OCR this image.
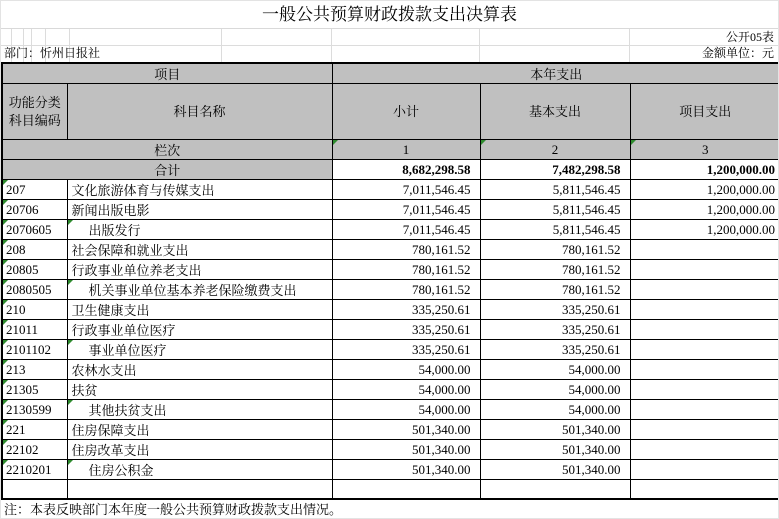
一般公共预算财政拨款支出决算表
公开05表
部门：忻州日报社	金额单位：元
项目		本年支出		
功能分类科目编码	科目名称	小计	基本支出	项目支出
栏次		1	2	3
合计		8,682,298.58	7,482,298.58	1,200,000.00

207	文化旅游体育与传媒支出	7,011,546.45	5,811,546.45	1,200,000.00

20706	新闻出版电影	7,011,546.45	5,811,546.45	1,200,000.00

2070605	出版发行	7,011,546.45	5,811,546.45	1,200,000.00

208	社会保障和就业支出	780,161.52	780,161.52	

20805	行政事业单位养老支出	780,161.52	780,161.52	

2080505	机关事业单位基本养老保险缴费支出	780,161.52	780,161.52	

210	卫生健康支出	335,250.61	335,250.61	

21011	行政事业单位医疗	335,250.61	335,250.61	

2101102	事业单位医疗	335,250.61	335,250.61	

213	农林水支出	54,000.00	54,000.00	

21305	扶贫	54,000.00	54,000.00	

2130599	其他扶贫支出	54,000.00	54,000.00	

221	住房保障支出	501,340.00	501,340.00	

22102	住房改革支出	501,340.00	501,340.00	

2210201	住房公积金	501,340.00	501,340.00	

注：本表反映部门本年度一般公共预算财政拨款支出情况。
